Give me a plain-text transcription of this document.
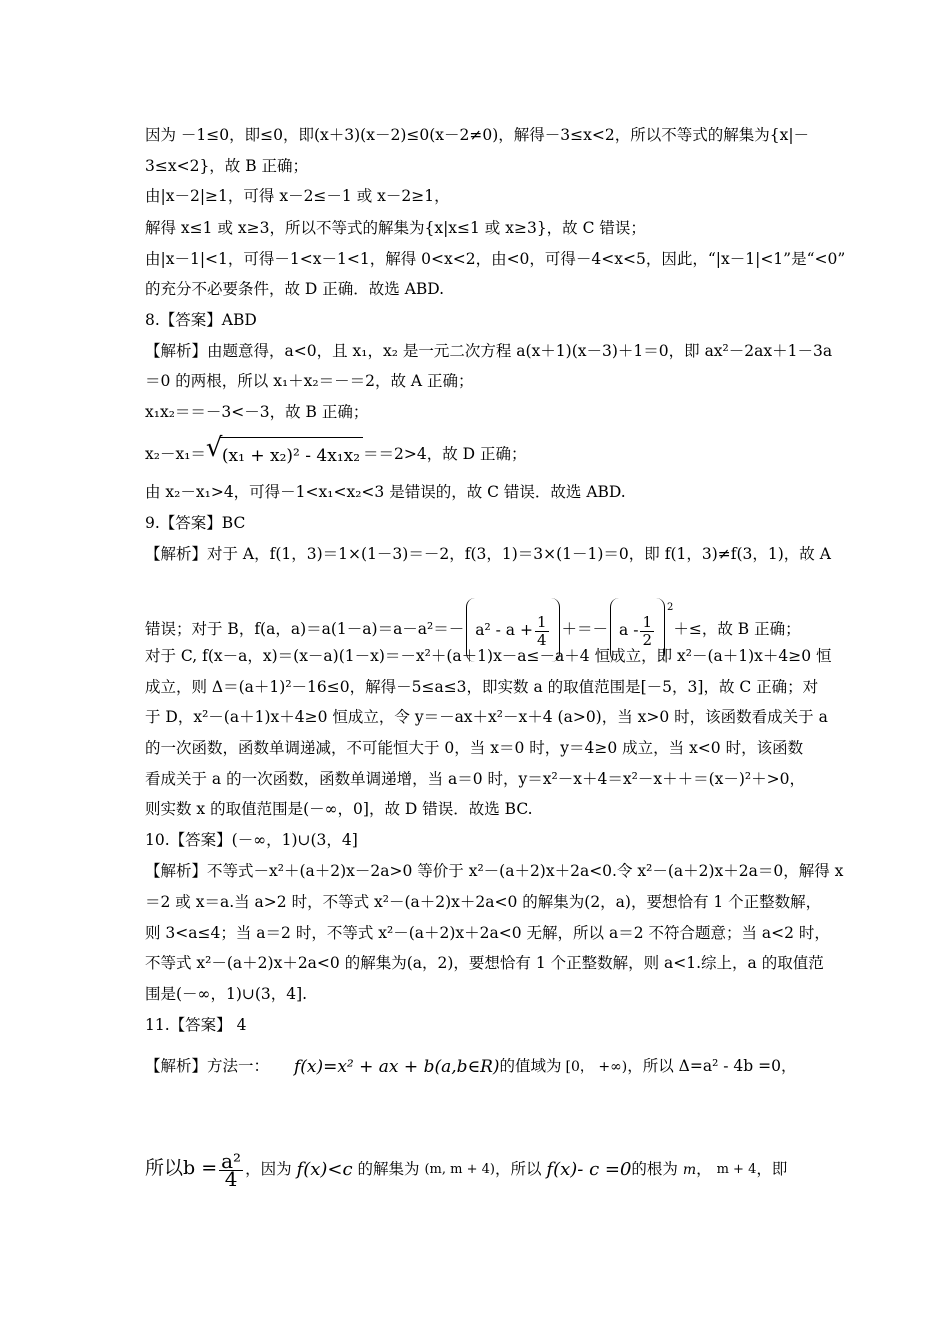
因为 －1≤0，即≤0，即(x＋3)(x－2)≤0(x－2≠0)，解得－3≤x<2，所以不等式的解集为{x|－
3≤x<2}，故 B 正确；
由|x－2|≥1，可得 x－2≤－1 或 x－2≥1，
解得 x≤1 或 x≥3，所以不等式的解集为{x|x≤1 或 x≥3}，故 C 错误；
由|x－1|<1，可得－1<x－1<1，解得 0<x<2，由<0，可得－4<x<5，因此，“|x－1|<1”是“<0”
的充分不必要条件，故 D 正确．故选 ABD.
8.【答案】ABD
【解析】由题意得，a<0，且 x₁，x₂ 是一元二次方程 a(x＋1)(x－3)＋1＝0，即 ax²－2ax＋1－3a
＝0 的两根，所以 x₁＋x₂＝－＝2，故 A 正确；
x₁x₂＝＝－3<－3，故 B 正确；
x₂－x₁＝ √ (x₁ + x₂)² - 4x₁x₂ ＝＝2>4，故 D 正确；
由 x₂－x₁>4，可得－1<x₁<x₂<3 是错误的，故 C 错误．故选 ABD.
9.【答案】BC
【解析】对于 A，f(1，3)＝1×(1－3)＝－2，f(3，1)＝3×(1－1)＝0，即 f(1，3)≠f(3，1)，故 A
错误；对于 B，f(a，$a)=a(1-a)=a-a^2=- a^2 - a + \frac{1}{4}$ ＋＝－ a - $\frac{1}{2}$
$^2$＋≤，故 B 正确；
对于 C, f(x－a，x)＝(x－a)(1－x)＝－x²＋(a＋1)x－a≤－a＋4 恒成立，即 x²－(a＋1)x＋4≥0 恒
成立，则 Δ＝(a＋1)²－16≤0，解得－5≤a≤3，即实数 a 的取值范围是[－5，3]，故 C 正确；对
于 D，x²－(a＋1)x＋4≥0 恒成立，令 y＝－ax＋x²－x＋4 (a>0)，当 x>0 时，该函数看成关于 a
的一次函数，函数单调递减，不可能恒大于 0，当 x＝0 时，y＝4≥0 成立，当 x<0 时，该函数
看成关于 a 的一次函数，函数单调递增，当 a＝0 时，y＝x²－x＋4＝x²－x＋＋＝(x－)²＋>0，
则实数 x 的取值范围是(－∞，0]，故 D 错误．故选 BC.
10.【答案】(－∞，1)∪(3，4]
【解析】不等式－x²＋(a＋2)x－2a>0 等价于 x²－(a＋2)x＋2a<0.令 x²－(a＋2)x＋2a＝0，解得 x
＝2 或 x＝a.当 a>2 时，不等式 x²－(a＋2)x＋2a<0 的解集为(2，a)，要想恰有 1 个正整数解，
则 3<a≤4；当 a＝2 时，不等式 x²－(a＋2)x＋2a<0 无解，所以 a＝2 不符合题意；当 a<2 时，
不等式 x²－(a＋2)x＋2a<0 的解集为(a，2)，要想恰有 1 个正整数解，则 a<1.综上，a 的取值范
围是(－∞，1)∪(3，4].
11.【答案】 4
【解析】方法一： f(x)=x² + ax + b(a,b∈R)的值域为 [0， +∞)，所以 Δ=a² - 4b =0，
所以$b = \frac{\text{a²}}{4}$ ，因为 f(x)<c 的解集为 (m, m + 4)，所以 f(x)- c =0的根为 m， m + 4，即
